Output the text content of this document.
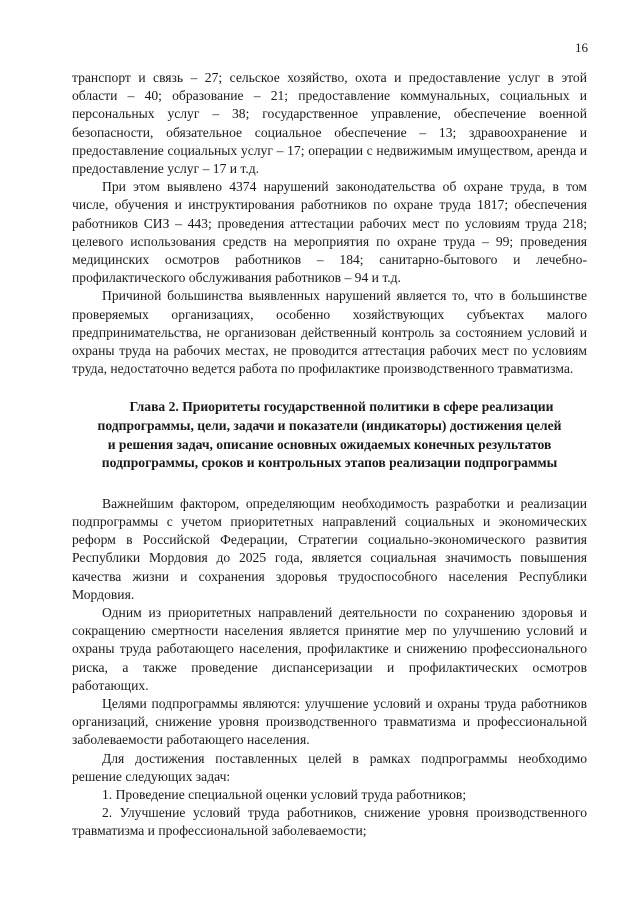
16

транспорт и связь – 27; сельское хозяйство, охота и предоставление услуг в этой области – 40; образование – 21; предоставление коммунальных, социальных и персональных услуг – 38; государственное управление, обеспечение военной безопасности, обязательное социальное обеспечение – 13; здравоохранение и предоставление социальных услуг – 17; операции с недвижимым имуществом, аренда и предоставление услуг – 17 и т.д.

При этом выявлено 4374 нарушений законодательства об охране труда, в том числе, обучения и инструктирования работников по охране труда 1817; обеспечения работников СИЗ – 443; проведения аттестации рабочих мест по условиям труда 218; целевого использования средств на мероприятия по охране труда – 99; проведения медицинских осмотров работников – 184; санитарно-бытового и лечебно-профилактического обслуживания работников – 94 и т.д.

Причиной большинства выявленных нарушений является то, что в большинстве проверяемых организациях, особенно хозяйствующих субъектах малого предпринимательства, не организован действенный контроль за состоянием условий и охраны труда на рабочих местах, не проводится аттестация рабочих мест по условиям труда, недостаточно ведется работа по профилактике производственного травматизма.

Глава 2. Приоритеты государственной политики в сфере реализации
подпрограммы, цели, задачи и показатели (индикаторы) достижения целей
и решения задач, описание основных ожидаемых конечных результатов
подпрограммы, сроков и контрольных этапов реализации подпрограммы

Важнейшим фактором, определяющим необходимость разработки и реализации подпрограммы с учетом приоритетных направлений социальных и экономических реформ в Российской Федерации, Стратегии социально-экономического развития Республики Мордовия до 2025 года, является социальная значимость повышения качества жизни и сохранения здоровья трудоспособного населения Республики Мордовия.

Одним из приоритетных направлений деятельности по сохранению здоровья и сокращению смертности населения является принятие мер по улучшению условий и охраны труда работающего населения, профилактике и снижению профессионального риска, а также проведение диспансеризации и профилактических осмотров работающих.

Целями подпрограммы являются: улучшение условий и охраны труда работников организаций, снижение уровня производственного травматизма и профессиональной заболеваемости работающего населения.

Для достижения поставленных целей в рамках подпрограммы необходимо решение следующих задач:

1. Проведение специальной оценки условий труда работников;

2. Улучшение условий труда работников, снижение уровня производственного травматизма и профессиональной заболеваемости;
